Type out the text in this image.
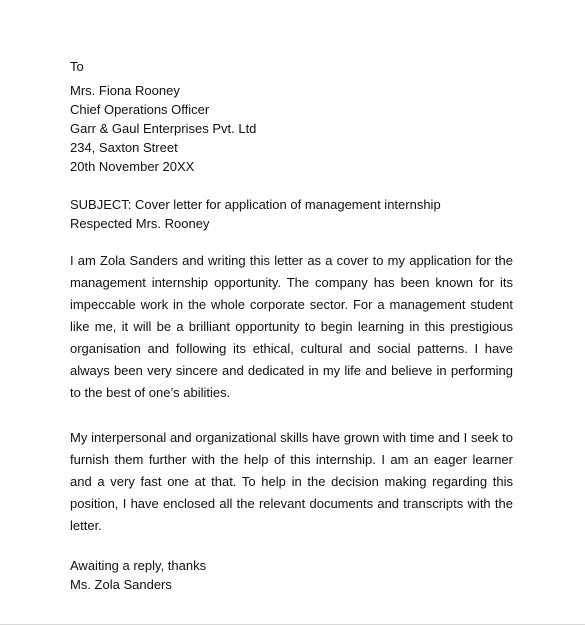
To
Mrs. Fiona Rooney
Chief Operations Officer
Garr & Gaul Enterprises Pvt. Ltd
234, Saxton Street
20th November 20XX
SUBJECT: Cover letter for application of management internship
Respected Mrs. Rooney

I am Zola Sanders and writing this letter as a cover to my application for the management internship opportunity. The company has been known for its impeccable work in the whole corporate sector. For a management student like me, it will be a brilliant opportunity to begin learning in this prestigious organisation and following its ethical, cultural and social patterns. I have always been very sincere and dedicated in my life and believe in performing to the best of one’s abilities.

My interpersonal and organizational skills have grown with time and I seek to furnish them further with the help of this internship. I am an eager learner and a very fast one at that. To help in the decision making regarding this position, I have enclosed all the relevant documents and transcripts with the letter.

Awaiting a reply, thanks
Ms. Zola Sanders
